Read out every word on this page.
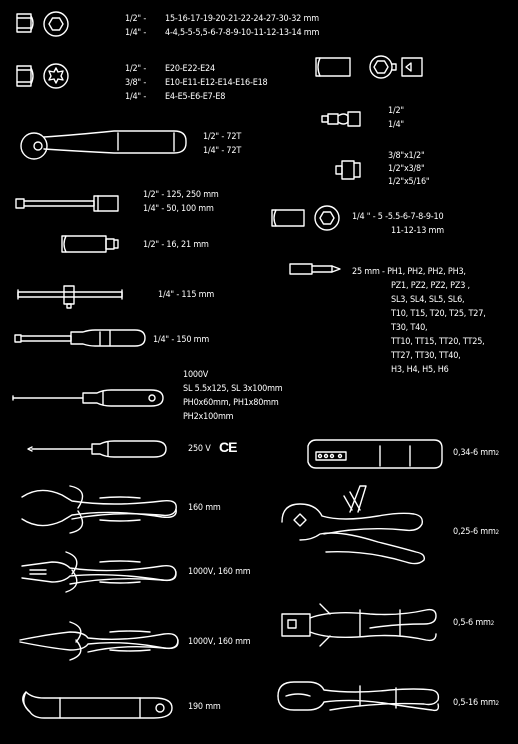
1/2" - 15-16-17-19-20-21-22-24-27-30-32 mm
1/4" - 4-4,5-5-5,5-6-7-8-9-10-11-12-13-14 mm
1/2" - E20-E22-E24
3/8" - E10-E11-E12-E14-E16-E18
1/4" - E4-E5-E6-E7-E8
1/2" - 72T
1/4" - 72T
1/2" - 125, 250 mm
1/4" - 50, 100 mm
1/2" - 16, 21 mm
1/4" - 115 mm
1/4" - 150 mm
1000V
SL 5.5x125, SL 3x100mm
PH0x60mm, PH1x80mm
PH2x100mm
250 V CE
160 mm
1000V, 160 mm
1000V, 160 mm
190 mm
1/2"
1/4"
3/8"x1/2"
1/2"x3/8"
1/2"x5/16"
1/4 " - 5 -5.5-6-7-8-9-10
11-12-13 mm
25 mm - PH1, PH2, PH2, PH3,
PZ1, PZ2, PZ2, PZ3 ,
SL3, SL4, SL5, SL6,
T10, T15, T20, T25, T27,
T30, T40,
TT10, TT15, TT20, TT25,
TT27, TT30, TT40,
H3, H4, H5, H6
0,34-6 $mm^2$
0,25-6 $mm^2$
0,5-6 $mm^2$
0,5-16 $mm^2$
